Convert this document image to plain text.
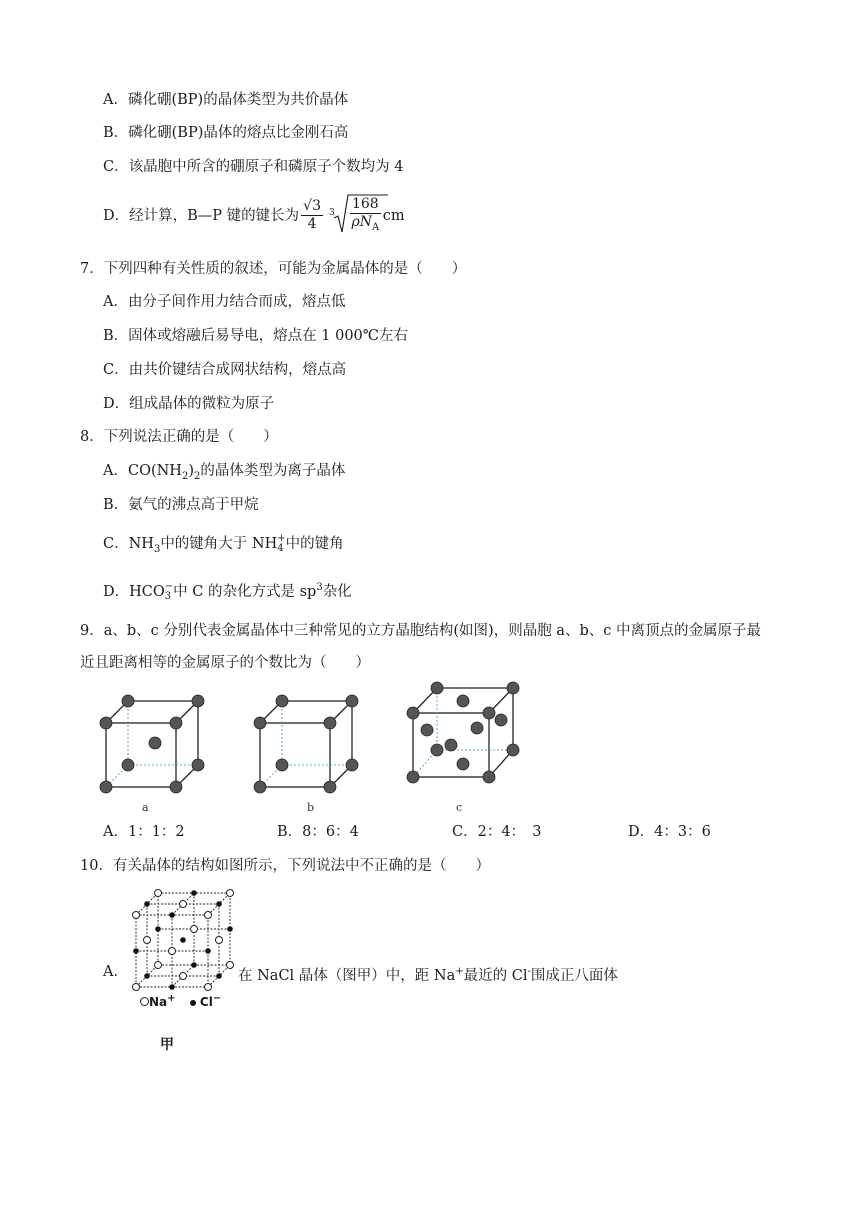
A．磷化硼(BP)的晶体类型为共价晶体
B．磷化硼(BP)晶体的熔点比金刚石高
C．该晶胞中所含的硼原子和磷原子个数均为 4
D．经计算，B—P 键的键长为 $\frac{√3}{4} 3 \frac{168}{\rho N_A}$ cm
7．下列四种有关性质的叙述，可能为金属晶体的是（　　）
A．由分子间作用力结合而成，熔点低
B．固体或熔融后易导电，熔点在 1 000℃左右
C．由共价键结合成网状结构，熔点高
D．组成晶体的微粒为原子
8．下列说法正确的是（　　）
A．$CO(NH_2)_2$的晶体类型为离子晶体
B．氨气的沸点高于甲烷
C．$NH_3$中的键角大于 NH +
4 中的键角
D．HCO −
3 中 C 的杂化方式是 $sp^3$杂化
9．a、b、c 分别代表金属晶体中三种常见的立方晶胞结构(如图)，则晶胞 a、b、c 中离顶点的金属原子最
近且距离相等的金属原子的个数比为（　　）
a	b	c
A．1：1：2	B．8：6：4	C．2：4：　3	D．4：3：6
10．有关晶体的结构如图所示，下列说法中不正确的是（　　）
A．
Na+ Cl−
甲
在 NaCl 晶体（图甲）中，距 Na+最近的 Cl-围成正八面体
